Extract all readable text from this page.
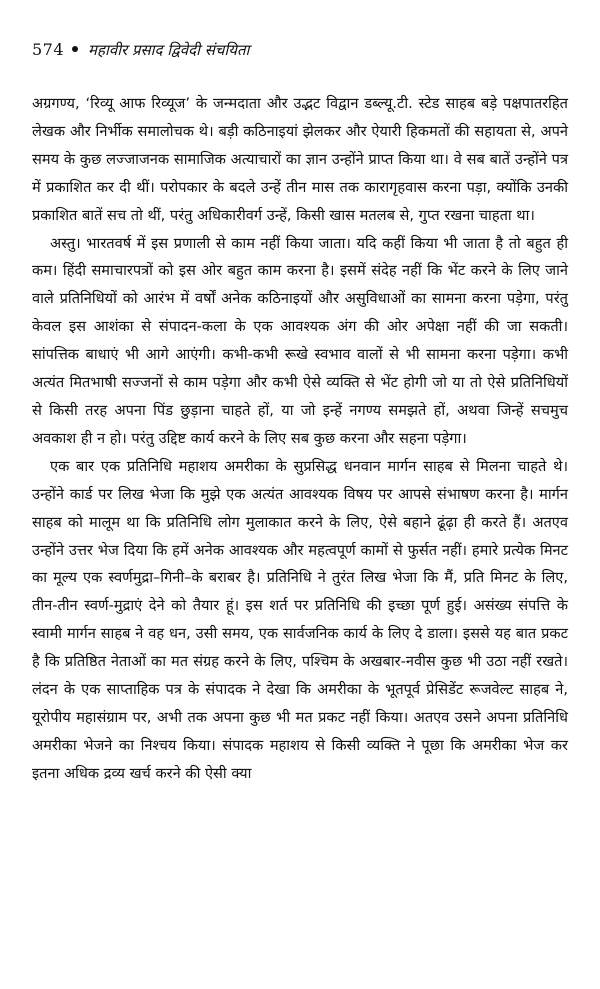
574 महावीर प्रसाद द्विवेदी संचयिता

अग्रगण्य, ‘रिव्यू आफ रिव्यूज’ के जन्मदाता और उद्भट विद्वान डब्ल्यू.टी. स्टेड साहब बड़े पक्षपातरहित लेखक और निर्भीक समालोचक थे। बड़ी कठिनाइयां झेलकर और ऐयारी हिकमतों की सहायता से, अपने समय के कुछ लज्जाजनक सामाजिक अत्याचारों का ज्ञान उन्होंने प्राप्त किया था। वे सब बातें उन्होंने पत्र में प्रकाशित कर दी थीं। परोपकार के बदले उन्हें तीन मास तक कारागृहवास करना पड़ा, क्योंकि उनकी प्रकाशित बातें सच तो थीं, परंतु अधिकारीवर्ग उन्हें, किसी खास मतलब से, गुप्त रखना चाहता था।

अस्तु। भारतवर्ष में इस प्रणाली से काम नहीं किया जाता। यदि कहीं किया भी जाता है तो बहुत ही कम। हिंदी समाचारपत्रों को इस ओर बहुत काम करना है। इसमें संदेह नहीं कि भेंट करने के लिए जाने वाले प्रतिनिधियों को आरंभ में वर्षों अनेक कठिनाइयों और असुविधाओं का सामना करना पड़ेगा, परंतु केवल इस आशंका से संपादन-कला के एक आवश्यक अंग की ओर अपेक्षा नहीं की जा सकती। सांपत्तिक बाधाएं भी आगे आएंगी। कभी-कभी रूखे स्वभाव वालों से भी सामना करना पड़ेगा। कभी अत्यंत मितभाषी सज्जनों से काम पड़ेगा और कभी ऐसे व्यक्ति से भेंट होगी जो या तो ऐसे प्रतिनिधियों से किसी तरह अपना पिंड छुड़ाना चाहते हों, या जो इन्हें नगण्य समझते हों, अथवा जिन्हें सचमुच अवकाश ही न हो। परंतु उद्दिष्ट कार्य करने के लिए सब कुछ करना और सहना पड़ेगा।

एक बार एक प्रतिनिधि महाशय अमरीका के सुप्रसिद्ध धनवान मार्गन साहब से मिलना चाहते थे। उन्होंने कार्ड पर लिख भेजा कि मुझे एक अत्यंत आवश्यक विषय पर आपसे संभाषण करना है। मार्गन साहब को मालूम था कि प्रतिनिधि लोग मुलाकात करने के लिए, ऐसे बहाने ढूंढ़ा ही करते हैं। अतएव उन्होंने उत्तर भेज दिया कि हमें अनेक आवश्यक और महत्वपूर्ण कामों से फुर्सत नहीं। हमारे प्रत्येक मिनट का मूल्य एक स्वर्णमुद्रा–गिनी–के बराबर है। प्रतिनिधि ने तुरंत लिख भेजा कि मैं, प्रति मिनट के लिए, तीन-तीन स्वर्ण-मुद्राएं देने को तैयार हूं। इस शर्त पर प्रतिनिधि की इच्छा पूर्ण हुई। असंख्य संपत्ति के स्वामी मार्गन साहब ने वह धन, उसी समय, एक सार्वजनिक कार्य के लिए दे डाला। इससे यह बात प्रकट है कि प्रतिष्ठित नेताओं का मत संग्रह करने के लिए, पश्चिम के अखबार-नवीस कुछ भी उठा नहीं रखते। लंदन के एक साप्ताहिक पत्र के संपादक ने देखा कि अमरीका के भूतपूर्व प्रेसिडेंट रूजवेल्ट साहब ने, यूरोपीय महासंग्राम पर, अभी तक अपना कुछ भी मत प्रकट नहीं किया। अतएव उसने अपना प्रतिनिधि अमरीका भेजने का निश्चय किया। संपादक महाशय से किसी व्यक्ति ने पूछा कि अमरीका भेज कर इतना अधिक द्रव्य खर्च करने की ऐसी क्या
